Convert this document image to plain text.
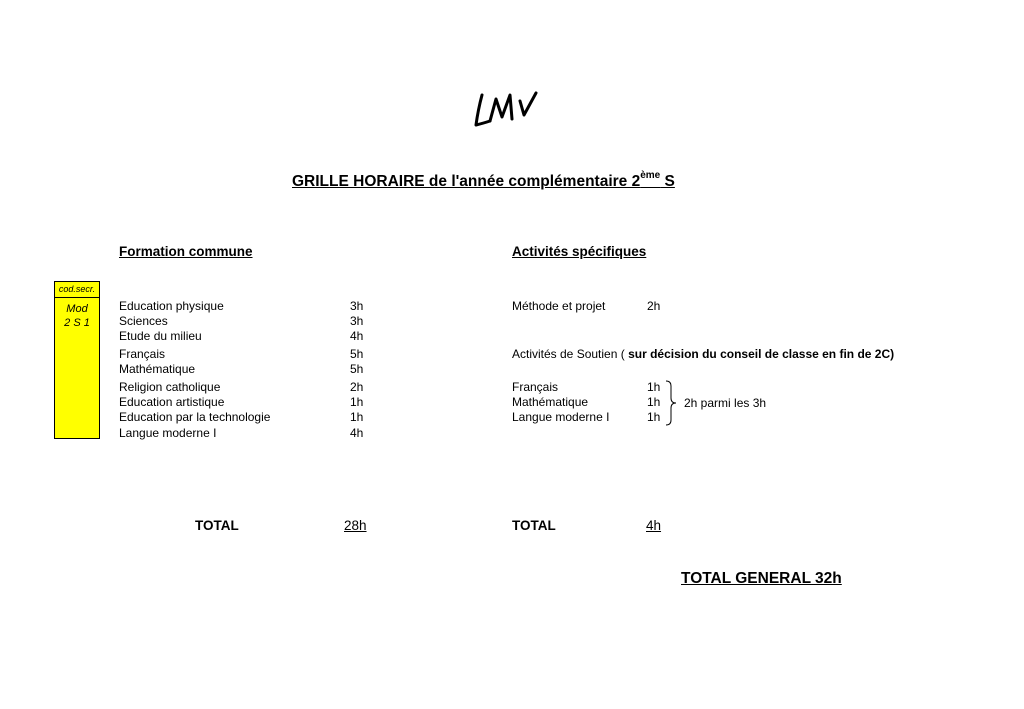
GRILLE HORAIRE de l'année complémentaire 2ème S
Formation commune	Activités spécifiques
cod.secr.
Mod
2 S 1
Education physique	3h
Sciences	3h
Etude du milieu	4h
Français	5h
Mathématique	5h
Religion catholique	2h
Education artistique	1h
Education par la technologie	1h
Langue moderne I	4h
Méthode et projet	2h
Activités de Soutien ( sur décision du conseil de classe en fin de 2C)
Français	1h
Mathématique	1h
Langue moderne I	1h
2h parmi les 3h
TOTAL	28h	TOTAL	4h
TOTAL GENERAL 32h
